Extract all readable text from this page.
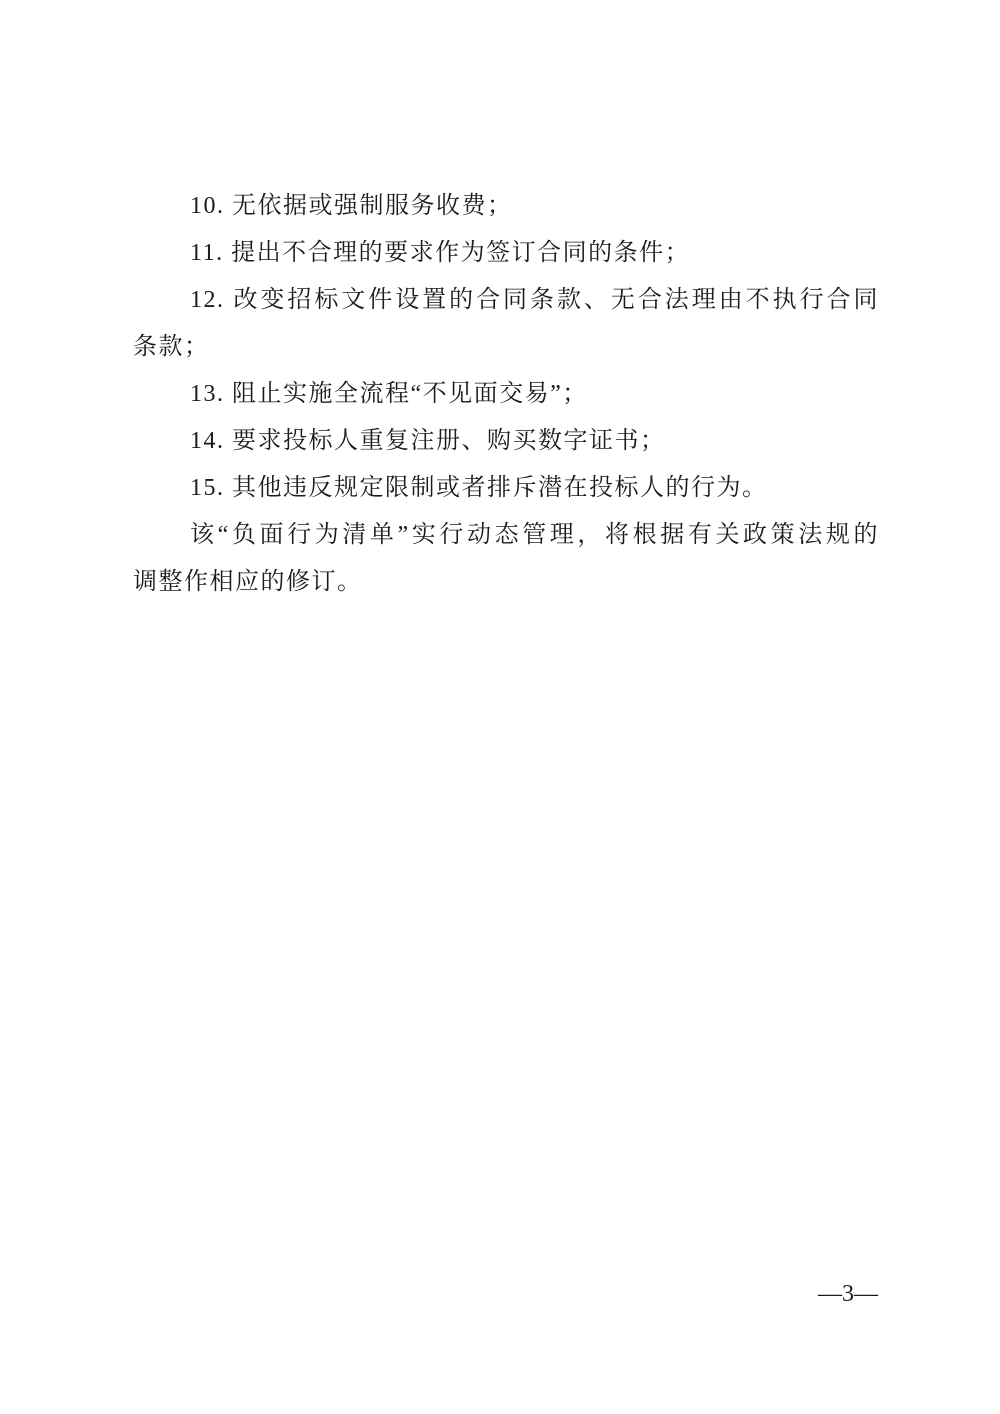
10. 无依据或强制服务收费；
11. 提出不合理的要求作为签订合同的条件；
12. 改变招标文件设置的合同条款、无合法理由不执行合同
条款；
13. 阻止实施全流程“不见面交易”；
14. 要求投标人重复注册、购买数字证书；
15. 其他违反规定限制或者排斥潜在投标人的行为。
该“负面行为清单”实行动态管理，将根据有关政策法规的
调整作相应的修订。
—3—
